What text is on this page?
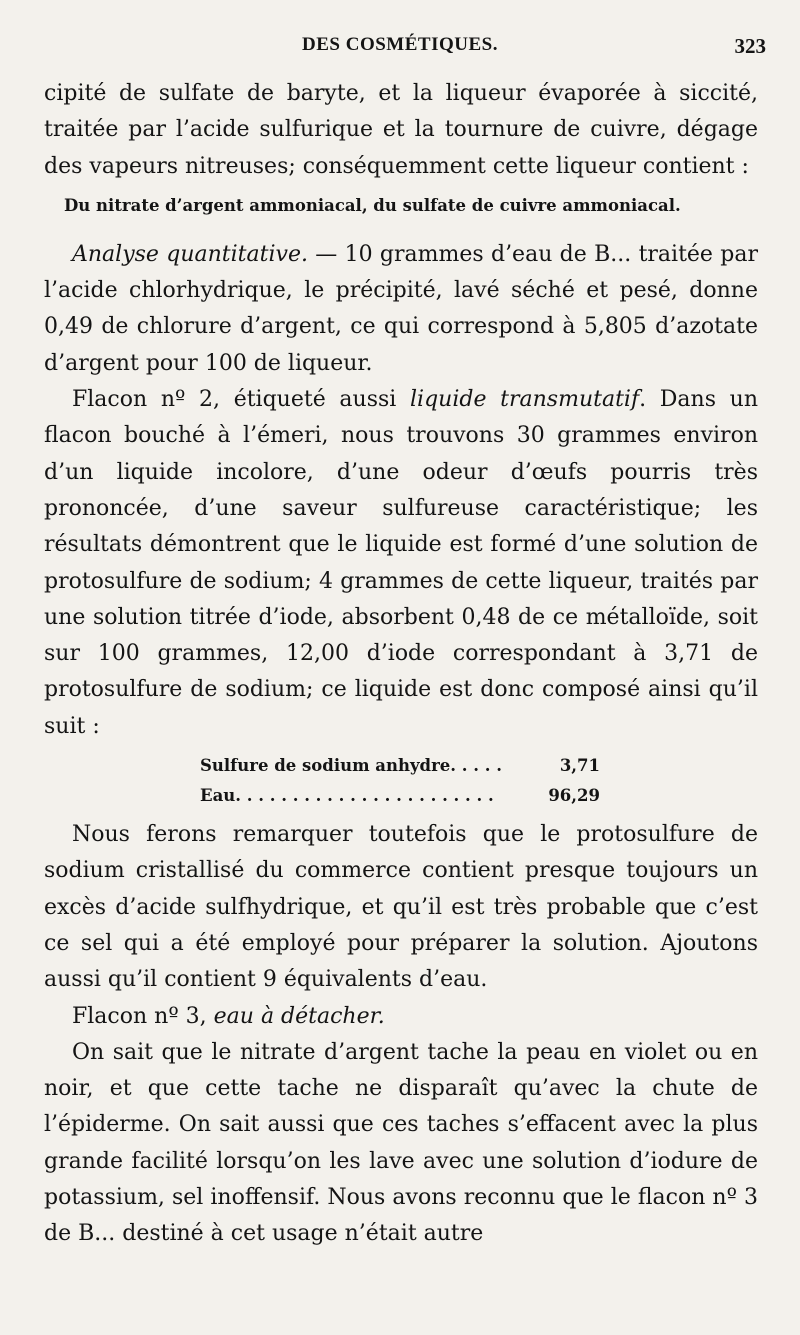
DES COSMÉTIQUES.	323

cipité de sulfate de baryte, et la liqueur évaporée à siccité, traitée par l’acide sulfurique et la tournure de cuivre, dégage des vapeurs nitreuses; conséquemment cette liqueur contient :

Du nitrate d’argent ammoniacal, du sulfate de cuivre ammoniacal.

Analyse quantitative. — 10 grammes d’eau de B... traitée par l’acide chlorhydrique, le précipité, lavé séché et pesé, donne 0,49 de chlorure d’argent, ce qui correspond à 5,805 d’azotate d’argent pour 100 de liqueur.

Flacon nº 2, étiqueté aussi liquide transmutatif. Dans un flacon bouché à l’émeri, nous trouvons 30 grammes environ d’un liquide incolore, d’une odeur d’œufs pourris très prononcée, d’une saveur sulfureuse caractéristique; les résultats démontrent que le liquide est formé d’une solution de protosulfure de sodium; 4 grammes de cette liqueur, traités par une solution titrée d’iode, absorbent 0,48 de ce métalloïde, soit sur 100 grammes, 12,00 d’iode correspondant à 3,71 de protosulfure de sodium; ce liquide est donc composé ainsi qu’il suit :

Sulfure de sodium anhydre . . . . .	3,71
Eau . . . . . . . . . . . . . . . . . . . . . . .	96,29

Nous ferons remarquer toutefois que le protosulfure de sodium cristallisé du commerce contient presque toujours un excès d’acide sulfhydrique, et qu’il est très probable que c’est ce sel qui a été employé pour préparer la solution. Ajoutons aussi qu’il contient 9 équivalents d’eau.

Flacon nº 3, eau à détacher.

On sait que le nitrate d’argent tache la peau en violet ou en noir, et que cette tache ne disparaît qu’avec la chute de l’épiderme. On sait aussi que ces taches s’effacent avec la plus grande facilité lorsqu’on les lave avec une solution d’iodure de potassium, sel inoffensif. Nous avons reconnu que le flacon nº 3 de B... destiné à cet usage n’était autre
